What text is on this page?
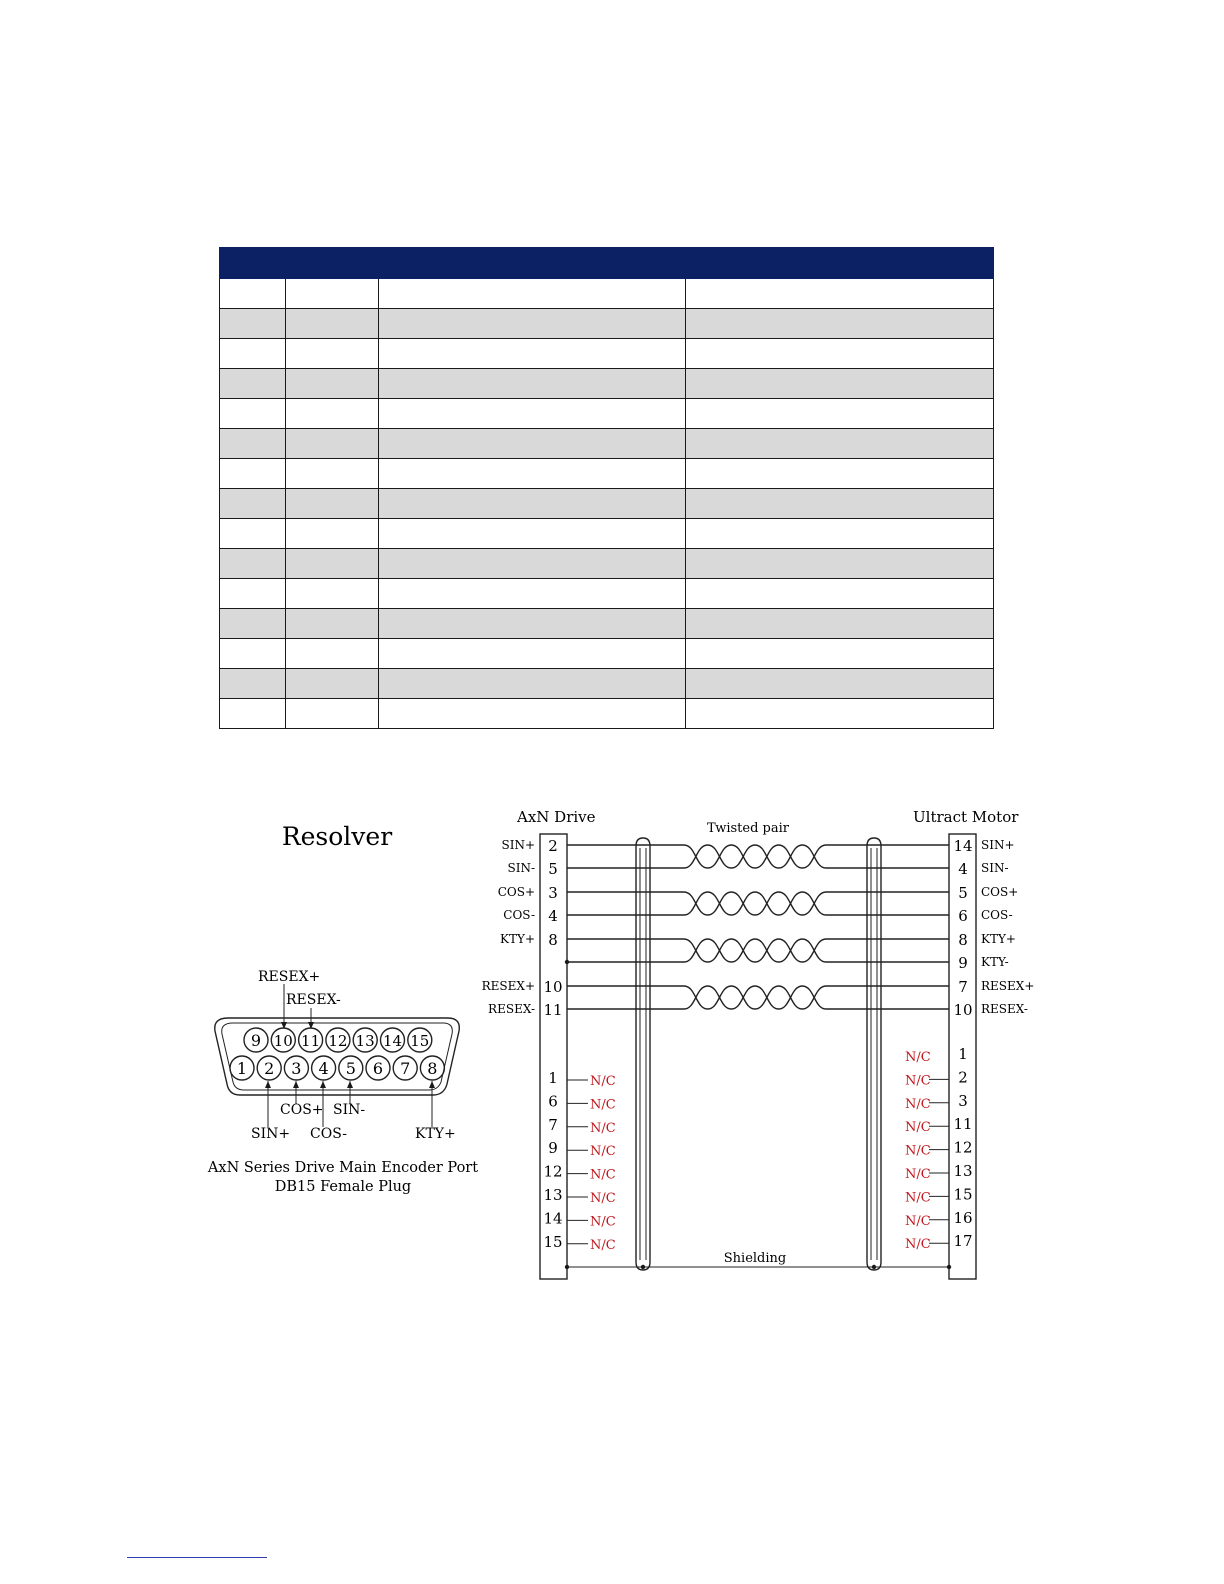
Resolver
9 10 11 12 13 14 15
1 2 3 4 5 6 7 8
RESEX+
RESEX-
COS+ SIN-
SIN+ COS-	KTY+
AxN Series Drive Main Encoder Port
DB15 Female Plug
AxN Drive	Ultract Motor
Twisted pair
Shielding
SIN+ 2	14 SIN+
SIN- 5	4 SIN-
COS+ 3	5 COS+
COS- 4	6 COS-
KTY+ 8	8 KTY+
9 KTY-
RESEX+ 10	7 RESEX+
RESEX- 11	10 RESEX-
1 N/C
6 N/C
7 N/C
9 N/C
12 N/C
13 N/C
14 N/C
15 N/C
1
N/C
2
N/C
3
N/C
11
N/C
12
N/C
13
N/C
15
N/C
16
N/C
17
N/C
